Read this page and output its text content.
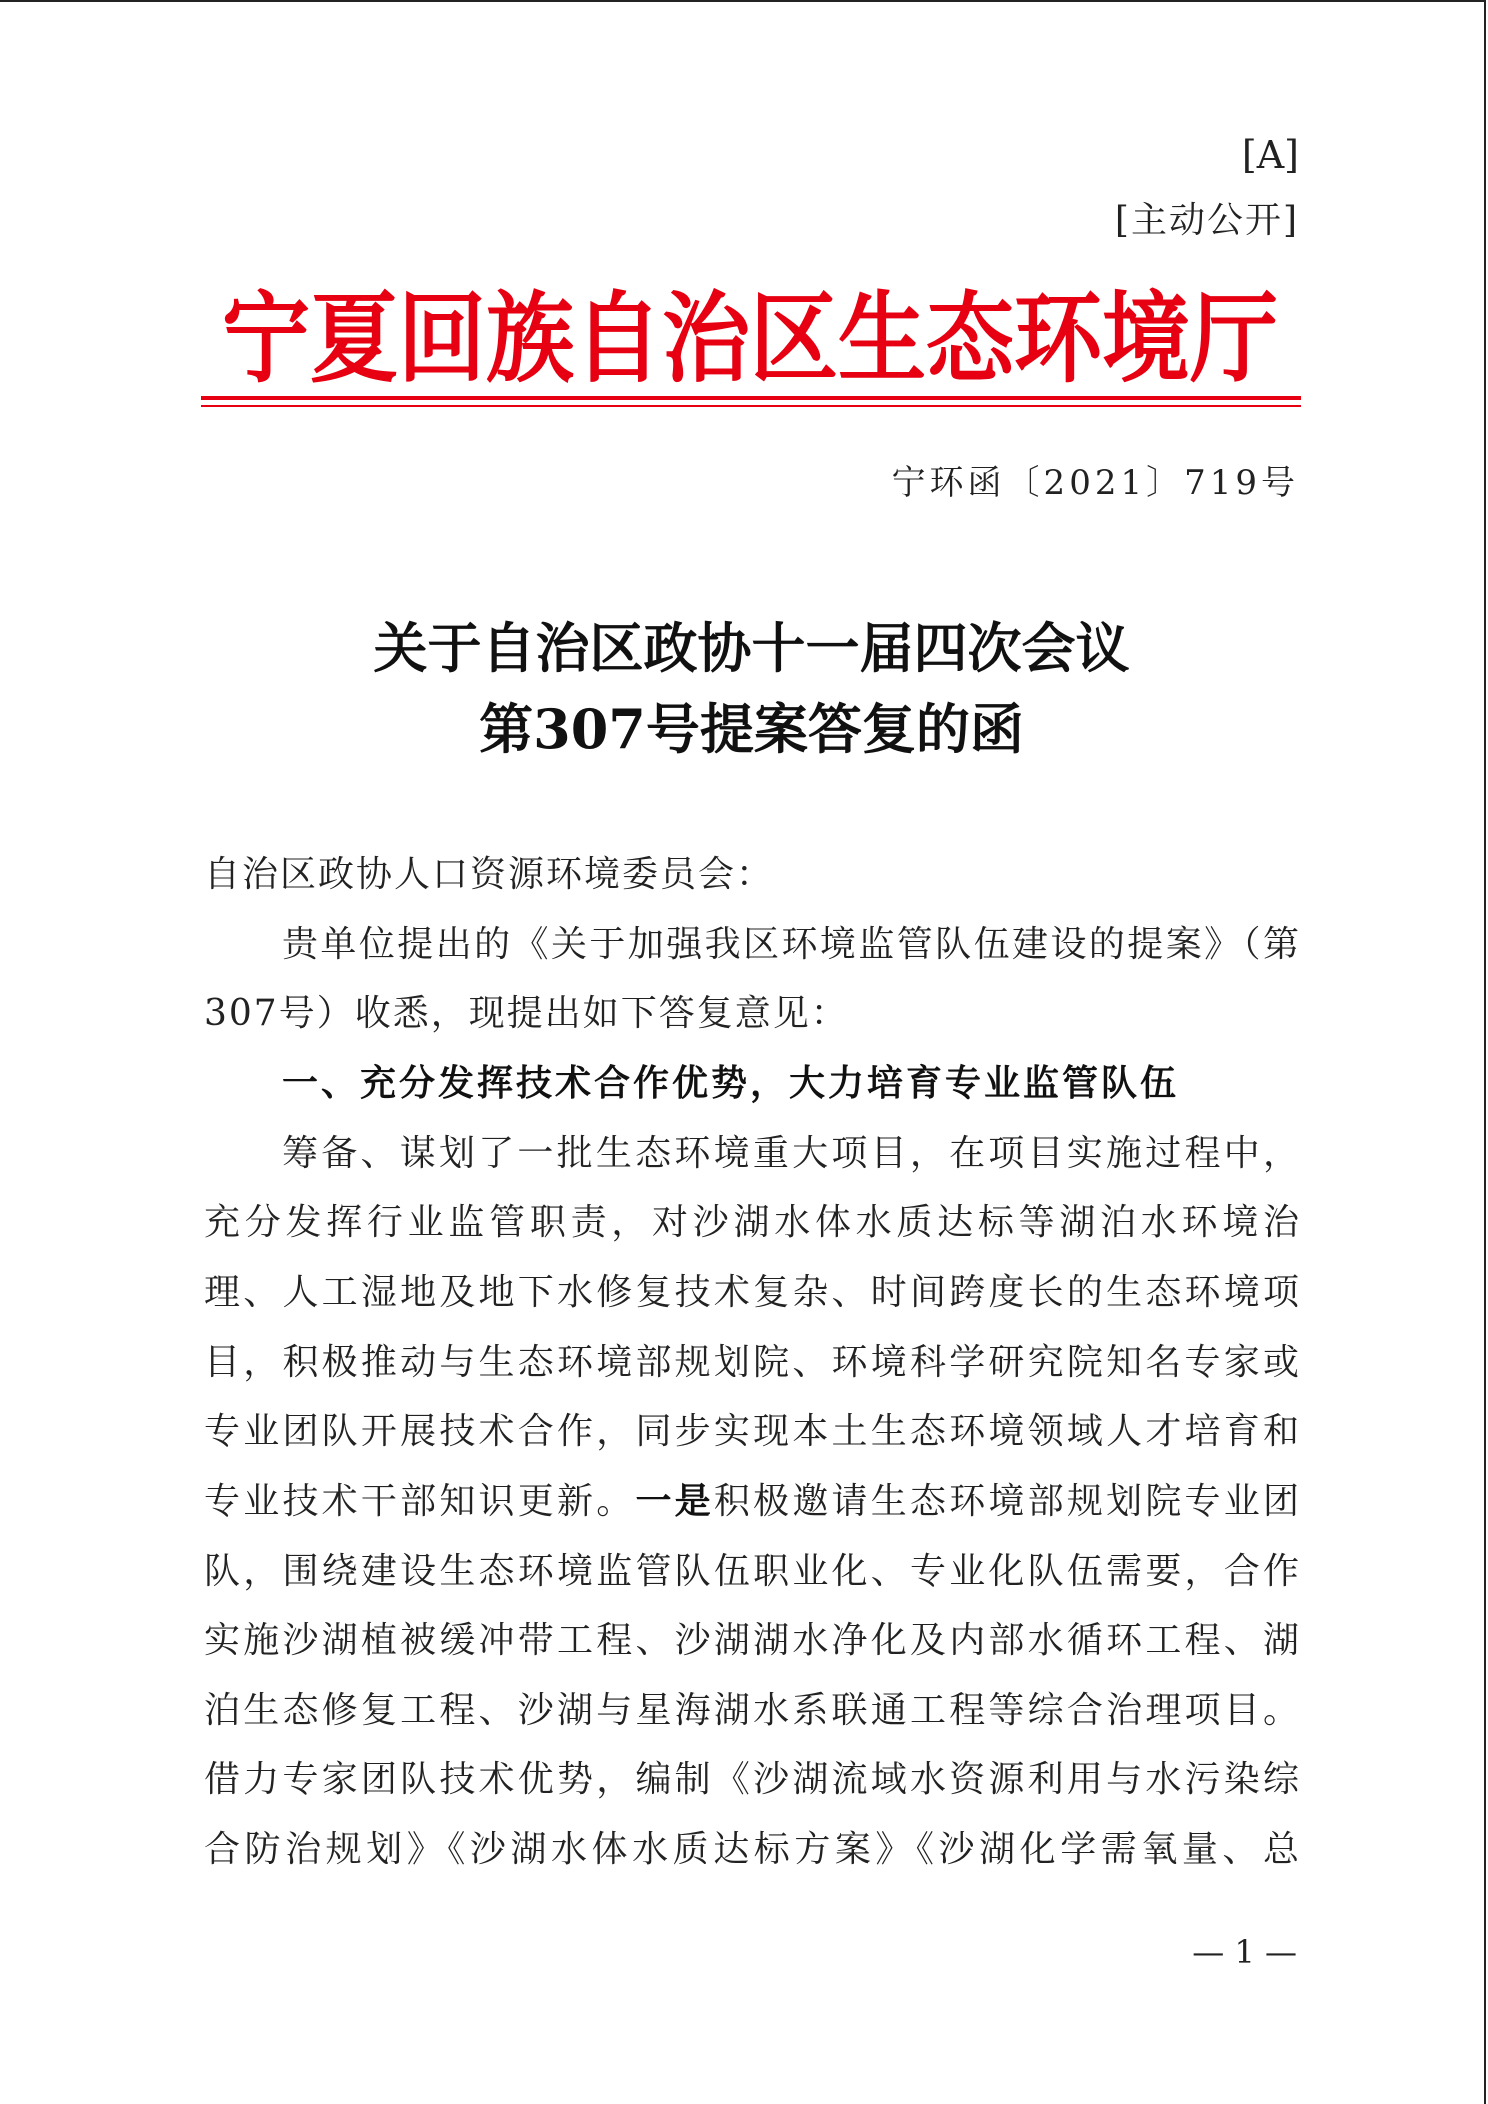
[A]
[主动公开]
宁夏回族自治区生态环境厅
宁环函〔2021〕719号
关于自治区政协十一届四次会议
第307号提案答复的函
自治区政协人口资源环境委员会：
贵单位提出的《关于加强我区环境监管队伍建设的提案》（第
307号）收悉，现提出如下答复意见：
一、充分发挥技术合作优势，大力培育专业监管队伍
筹备、谋划了一批生态环境重大项目，在项目实施过程中，
充分发挥行业监管职责，对沙湖水体水质达标等湖泊水环境治
理、人工湿地及地下水修复技术复杂、时间跨度长的生态环境项
目，积极推动与生态环境部规划院、环境科学研究院知名专家或
专业团队开展技术合作，同步实现本土生态环境领域人才培育和
专业技术干部知识更新。一是积极邀请生态环境部规划院专业团
队，围绕建设生态环境监管队伍职业化、专业化队伍需要，合作
实施沙湖植被缓冲带工程、沙湖湖水净化及内部水循环工程、湖
泊生态修复工程、沙湖与星海湖水系联通工程等综合治理项目。
借力专家团队技术优势，编制《沙湖流域水资源利用与水污染综
合防治规划》《沙湖水体水质达标方案》《沙湖化学需氧量、总
— 1 —
